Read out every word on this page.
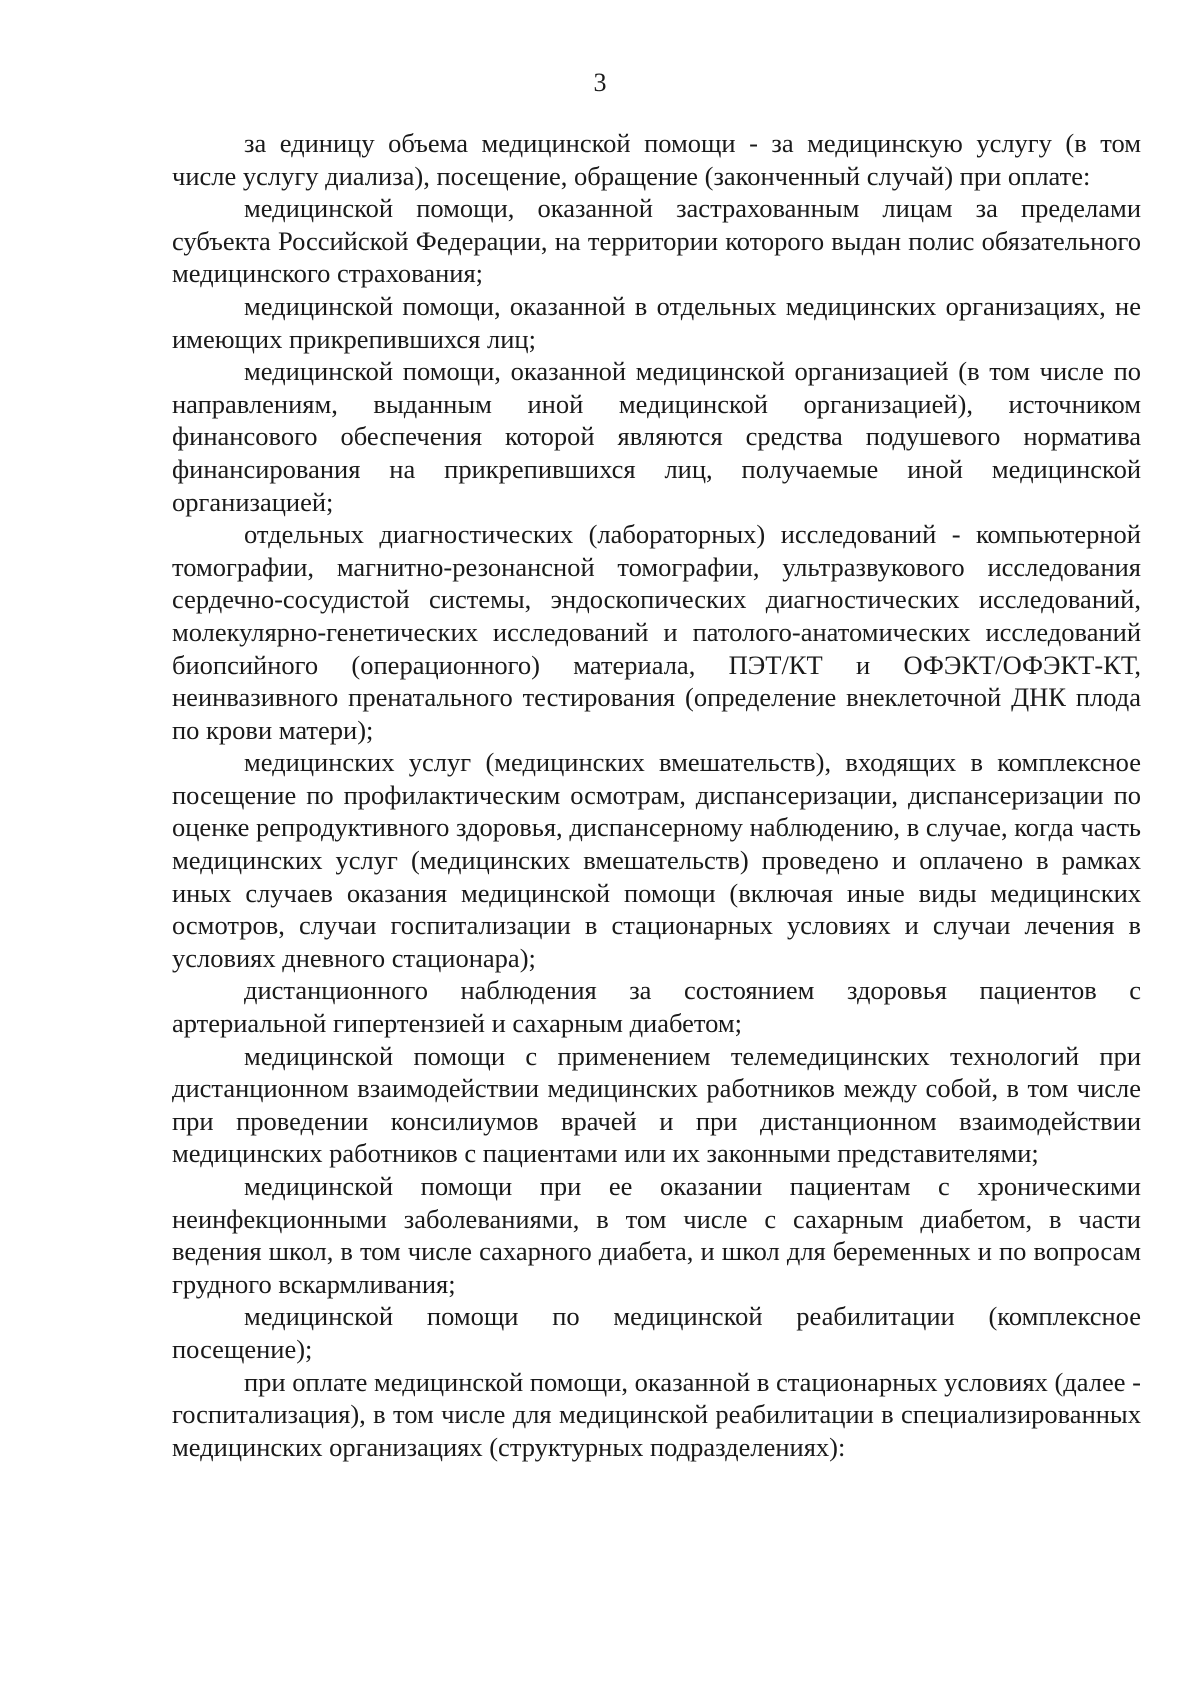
3

за единицу объема медицинской помощи - за медицинскую услугу (в том числе услугу диализа), посещение, обращение (законченный случай) при оплате:

медицинской помощи, оказанной застрахованным лицам за пределами субъекта Российской Федерации, на территории которого выдан полис обязательного медицинского страхования;

медицинской помощи, оказанной в отдельных медицинских организациях, не имеющих прикрепившихся лиц;

медицинской помощи, оказанной медицинской организацией (в том числе по направлениям, выданным иной медицинской организацией), источником финансового обеспечения которой являются средства подушевого норматива финансирования на прикрепившихся лиц, получаемые иной медицинской организацией;

отдельных диагностических (лабораторных) исследований - компьютерной томографии, магнитно-резонансной томографии, ультразвукового исследования сердечно-сосудистой системы, эндоскопических диагностических исследований, молекулярно-генетических исследований и патолого-анатомических исследований биопсийного (операционного) материала, ПЭТ/КТ и ОФЭКТ/ОФЭКТ-КТ, неинвазивного пренатального тестирования (определение внеклеточной ДНК плода по крови матери);

медицинских услуг (медицинских вмешательств), входящих в комплексное посещение по профилактическим осмотрам, диспансеризации, диспансеризации по оценке репродуктивного здоровья, диспансерному наблюдению, в случае, когда часть медицинских услуг (медицинских вмешательств) проведено и оплачено в рамках иных случаев оказания медицинской помощи (включая иные виды медицинских осмотров, случаи госпитализации в стационарных условиях и случаи лечения в условиях дневного стационара);

дистанционного наблюдения за состоянием здоровья пациентов с артериальной гипертензией и сахарным диабетом;

медицинской помощи с применением телемедицинских технологий при дистанционном взаимодействии медицинских работников между собой, в том числе при проведении консилиумов врачей и при дистанционном взаимодействии медицинских работников с пациентами или их законными представителями;

медицинской помощи при ее оказании пациентам с хроническими неинфекционными заболеваниями, в том числе с сахарным диабетом, в части ведения школ, в том числе сахарного диабета, и школ для беременных и по вопросам грудного вскармливания;

медицинской помощи по медицинской реабилитации (комплексное посещение);

при оплате медицинской помощи, оказанной в стационарных условиях (далее - госпитализация), в том числе для медицинской реабилитации в специализированных медицинских организациях (структурных подразделениях):
